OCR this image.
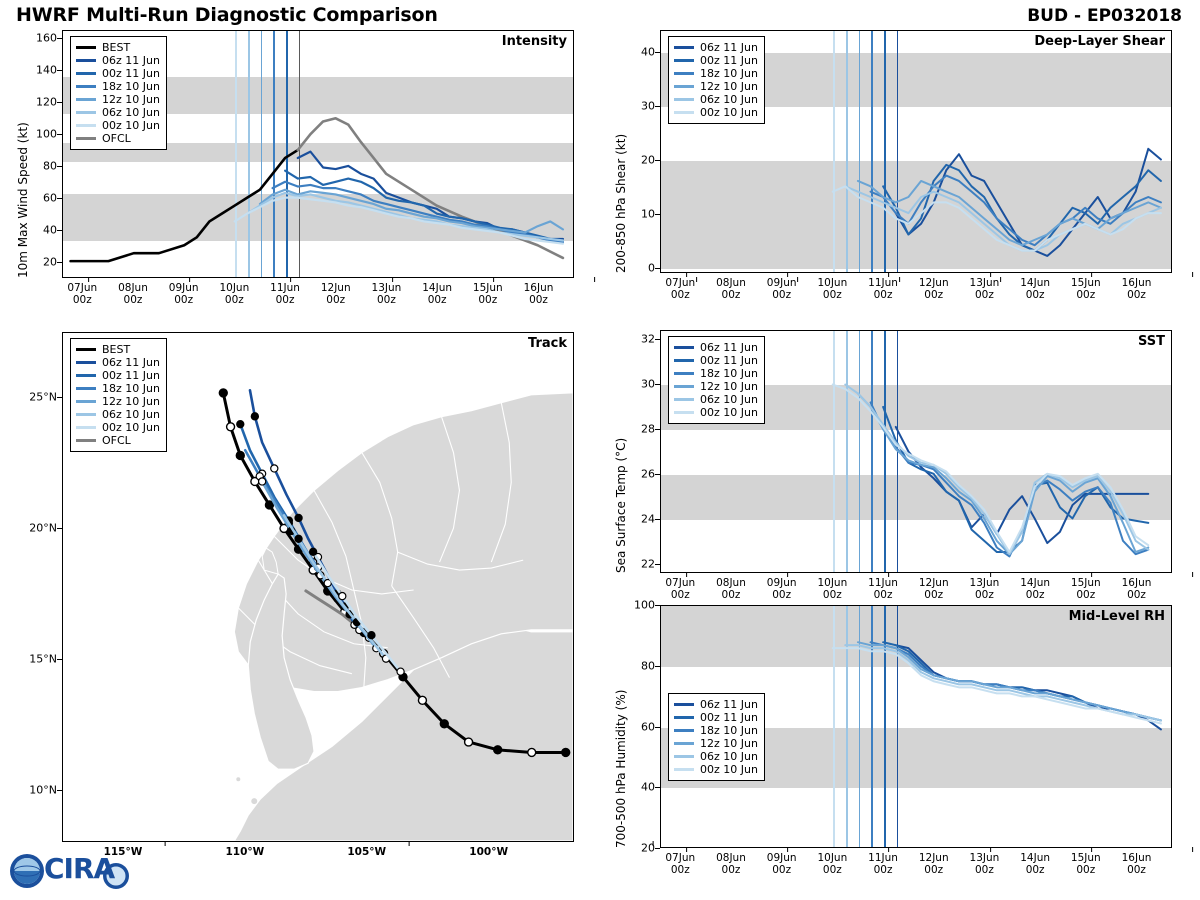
HWRF Multi-Run Diagnostic Comparison	BUD - EP032018
Intensity
20
40
60
80
100
120
140
160
07Jun
00z
08Jun
00z
09Jun
00z
10Jun
00z
11Jun
00z
12Jun
00z
13Jun
00z
14Jun
00z
15Jun
00z
16Jun
00z
10m Max Wind Speed (kt)
BEST
06z 11 Jun
00z 11 Jun
18z 10 Jun
12z 10 Jun
06z 10 Jun
00z 10 Jun
OFCL
Track
10°N
15°N
20°N
25°N
115°W	110°W	105°W	100°W
BEST
06z 11 Jun
00z 11 Jun
18z 10 Jun
12z 10 Jun
06z 10 Jun
00z 10 Jun
OFCL
Deep-Layer Shear
0
10
20
30
40
07Jun
00z
08Jun
00z
09Jun
00z
10Jun
00z
11Jun
00z
12Jun
00z
13Jun
00z
14Jun
00z
15Jun
00z
16Jun
00z
200-850 hPa Shear (kt)
06z 11 Jun
00z 11 Jun
18z 10 Jun
12z 10 Jun
06z 10 Jun
00z 10 Jun
SST
22
24
26
28
30
32
07Jun
00z
08Jun
00z
09Jun
00z
10Jun
00z
11Jun
00z
12Jun
00z
13Jun
00z
14Jun
00z
15Jun
00z
16Jun
00z
Sea Surface Temp (°C)
06z 11 Jun
00z 11 Jun
18z 10 Jun
12z 10 Jun
06z 10 Jun
00z 10 Jun
Mid-Level RH
20
40
60
80
100
07Jun
00z
08Jun
00z
09Jun
00z
10Jun
00z
11Jun
00z
12Jun
00z
13Jun
00z
14Jun
00z
15Jun
00z
16Jun
00z
700-500 hPa Humidity (%)	06z 11 Jun
00z 11 Jun
18z 10 Jun
12z 10 Jun
06z 10 Jun
00z 10 Jun
CIRA
